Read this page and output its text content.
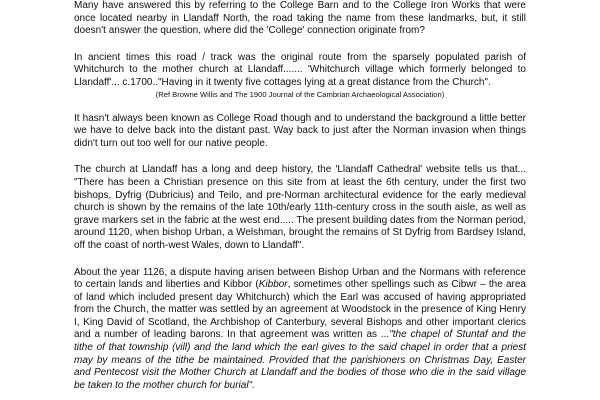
Many have answered this by referring to the College Barn and to the College Iron Works that were once located nearby in Llandaff North, the road taking the name from these landmarks, but, it still doesn't answer the question, where did the 'College' connection originate from?

In ancient times this road / track was the original route from the sparsely populated parish of Whitchurch to the mother church at Llandaff....... 'Whitchurch village which formerly belonged to Llandaff'... c.1700.."Having in it twenty five cottages lying at a great distance from the Church".

(Ref Browne Willis and The 1900 Journal of the Cambrian Archaeological Association)

It hasn't always been known as College Road though and to understand the background a little better we have to delve back into the distant past. Way back to just after the Norman invasion when things didn't turn out too well for our native people.

The church at Llandaff has a long and deep history, the 'Llandaff Cathedral' website tells us that... "There has been a Christian presence on this site from at least the 6th century, under the first two bishops, Dyfrig (Dubricius) and Teilo, and pre-Norman architectural evidence for the early medieval church is shown by the remains of the late 10th/early 11th-century cross in the south aisle, as well as grave markers set in the fabric at the west end..... The present building dates from the Norman period, around 1120, when bishop Urban, a Welshman, brought the remains of St Dyfrig from Bardsey Island, off the coast of north-west Wales, down to Llandaff".

About the year 1126, a dispute having arisen between Bishop Urban and the Normans with reference to certain lands and liberties and Kibbor (Kibbor, sometimes other spellings such as Cibwr – the area of land which included present day Whitchurch) which the Earl was accused of having appropriated from the Church, the matter was settled by an agreement at Woodstock in the presence of King Henry I, King David of Scotland, the Archbishop of Canterbury, several Bishops and other important clerics and a number of leading barons. In that agreement was written as ..."the chapel of Stuntaf and the tithe of that township (vill) and the land which the earl gives to the said chapel in order that a priest may by means of the tithe be maintained. Provided that the parishioners on Christmas Day, Easter and Pentecost visit the Mother Church at Llandaff and the bodies of those who die in the said village be taken to the mother church for burial".
